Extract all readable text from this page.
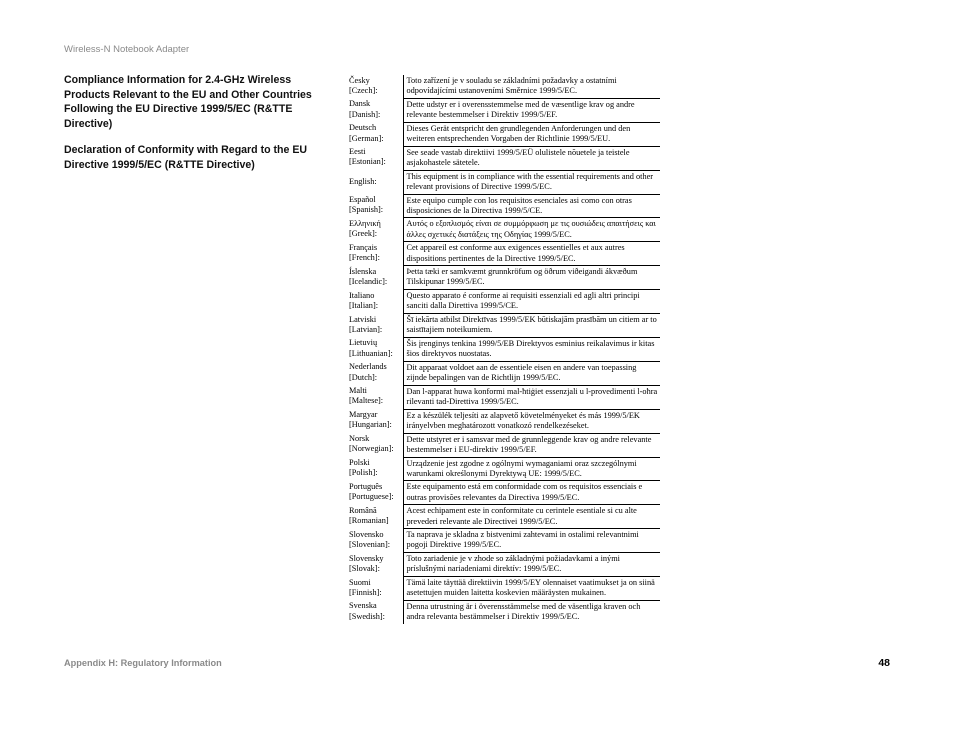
Wireless-N Notebook Adapter

Compliance Information for 2.4-GHz Wireless Products Relevant to the EU and Other Countries Following the EU Directive 1999/5/EC (R&TTE Directive)

Declaration of Conformity with Regard to the EU Directive 1999/5/EC (R&TTE Directive)

Česky
[Czech]:	Toto zařízení je v souladu se základními požadavky a ostatními odpovídajícími ustanoveními Směrnice 1999/5/EC.

Dansk
[Danish]:	Dette udstyr er i overensstemmelse med de væsentlige krav og andre relevante bestemmelser i Direktiv 1999/5/EF.

Deutsch
[German]:	Dieses Gerät entspricht den grundlegenden Anforderungen und den weiteren entsprechenden Vorgaben der Richtlinie 1999/5/EU.

Eesti
[Estonian]:	See seade vastab direktiivi 1999/5/EÜ olulistele nõuetele ja teistele asjakohastele sätetele.

English:	This equipment is in compliance with the essential requirements and other relevant provisions of Directive 1999/5/EC.

Español
[Spanish]:	Este equipo cumple con los requisitos esenciales asi como con otras disposiciones de la Directiva 1999/5/CE.

Ελληνική
[Greek]:	Αυτός ο εξοπλισμός είναι σε συμμόρφωση με τις ουσιώδεις απαιτήσεις και άλλες σχετικές διατάξεις της Οδηγίας 1999/5/EC.

Français
[French]:	Cet appareil est conforme aux exigences essentielles et aux autres dispositions pertinentes de la Directive 1999/5/EC.

Íslenska
[Icelandic]:	Þetta tæki er samkvæmt grunnkröfum og öðrum viðeigandi ákvæðum Tilskipunar 1999/5/EC.

Italiano
[Italian]:	Questo apparato é conforme ai requisiti essenziali ed agli altri principi sanciti dalla Direttiva 1999/5/CE.

Latviski
[Latvian]:	Šī iekārta atbilst Direktīvas 1999/5/EK būtiskajām prasībām un citiem ar to saistītajiem noteikumiem.

Lietuvių
[Lithuanian]:	Šis įrenginys tenkina 1999/5/EB Direktyvos esminius reikalavimus ir kitas šios direktyvos nuostatas.

Nederlands
[Dutch]:	Dit apparaat voldoet aan de essentiele eisen en andere van toepassing zijnde bepalingen van de Richtlijn 1999/5/EC.

Malti
[Maltese]:	Dan l-apparat huwa konformi mal-ħtiġiet essenzjali u l-provedimenti l-oħra rilevanti tad-Direttiva 1999/5/EC.

Margyar
[Hungarian]:	Ez a készülék teljesíti az alapvető követelményeket és más 1999/5/EK irányelvben meghatározott vonatkozó rendelkezéseket.

Norsk
[Norwegian]:	Dette utstyret er i samsvar med de grunnleggende krav og andre relevante bestemmelser i EU-direktiv 1999/5/EF.

Polski
[Polish]:	Urządzenie jest zgodne z ogólnymi wymaganiami oraz szczególnymi warunkami określonymi Dyrektywą UE: 1999/5/EC.

Português
[Portuguese]:	Este equipamento está em conformidade com os requisitos essenciais e outras provisões relevantes da Directiva 1999/5/EC.

Română
[Romanian]	Acest echipament este in conformitate cu cerintele esentiale si cu alte prevederi relevante ale Directivei 1999/5/EC.

Slovensko
[Slovenian]:	Ta naprava je skladna z bistvenimi zahtevami in ostalimi relevantnimi pogoji Direktive 1999/5/EC.

Slovensky
[Slovak]:	Toto zariadenie je v zhode so základnými požiadavkami a inými príslušnými nariadeniami direktív: 1999/5/EC.

Suomi
[Finnish]:	Tämä laite täyttää direktiivin 1999/5/EY olennaiset vaatimukset ja on siinä asetettujen muiden laitetta koskevien määräysten mukainen.

Svenska
[Swedish]:	Denna utrustning är i överensstämmelse med de väsentliga kraven och andra relevanta bestämmelser i Direktiv 1999/5/EC.
Appendix H: Regulatory Information	48
